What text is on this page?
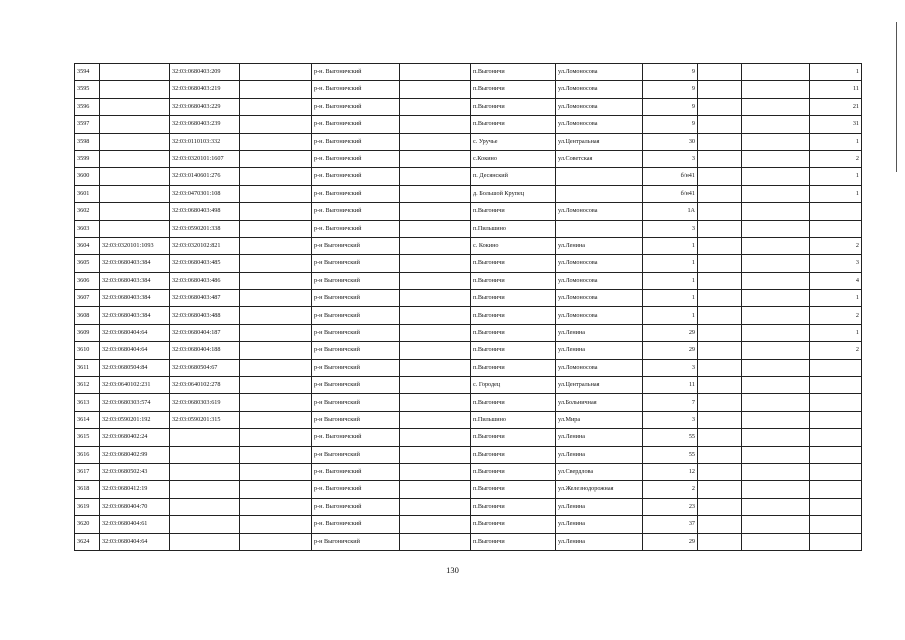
3594		32:03:0680403:209		р-н. Выгоничский		п.Выгоничи	ул.Ломоносова	9			1
3595		32:03:0680403:219		р-н. Выгоничский		п.Выгоничи	ул.Ломоносова	9			11
3596		32:03:0680403:229		р-н. Выгоничский		п.Выгоничи	ул.Ломоносова	9			21
3597		32:03:0680403:239		р-н. Выгоничский		п.Выгоничи	ул.Ломоносова	9			31
3598		32:03:0110103:332		р-н. Выгоничский		с. Уручье	ул.Центральная	30			1
3599		32:03:0320101:1607		р-н. Выгоничский		с.Кокино	ул.Советская	3			2
3600		32:03:0140601:276		р-н. Выгоничский		п. Десянский		б/н41			1
3601		32:03:0470301:108		р-н. Выгоничский		д. Большой Крупец		б/н41			1
3602		32:03:0680403:498		р-н. Выгоничский		п.Выгоничи	ул.Ломоносова	1А			
3603		32:03:0590201:338		р-н. Выгоничский		п.Пильшино		3			
3604	32:03:0320101:1093	32:03:0320102:821		р-н Выгоничский		с. Кокино	ул.Ленина	1			2
3605	32:03:0680403:384	32:03:0680403:485		р-н Выгоничский		п.Выгоничи	ул.Ломоносова	1			3
3606	32:03:0680403:384	32:03:0680403:486		р-н Выгоничский		п.Выгоничи	ул.Ломоносова	1			4
3607	32:03:0680403:384	32:03:0680403:487		р-н Выгоничский		п.Выгоничи	ул.Ломоносова	1			1
3608	32:03:0680403:384	32:03:0680403:488		р-н Выгоничский		п.Выгоничи	ул.Ломоносова	1			2
3609	32:03:0680404:64	32:03:0680404:187		р-н Выгоничский		п.Выгоничи	ул.Ленина	29			1
3610	32:03:0680404:64	32:03:0680404:188		р-н Выгоничский		п.Выгоничи	ул.Ленина	29			2
3611	32:03:0680504:84	32:03:0680504:67		р-н Выгоничский		п.Выгоничи	ул.Ломоносова	3			
3612	32:03:0640102:231	32:03:0640102:278		р-н Выгоничский		с. Городец	ул.Центральная	11			
3613	32:03:0680303:574	32:03:0680303:619		р-н Выгоничский		п.Выгоничи	ул.Больничная	7			
3614	32:03:0590201:192	32:03:0590201:315		р-н Выгоничский		п.Пильшино	ул.Мира	3			
3615	32:03:0680402:24			р-н. Выгоничский		п.Выгоничи	ул.Ленина	55			
3616	32:03:0680402:99			р-н Выгоничский		п.Выгоничи	ул.Ленина	55			
3617	32:03:0680502:43			р-н. Выгоничский		п.Выгоничи	ул.Свердлова	12			
3618	32:03:0680412:19			р-н. Выгоничский		п.Выгоничи	ул.Железнодорожная	2			
3619	32:03:0680404:70			р-н. Выгоничский		п.Выгоничи	ул.Ленина	23			
3620	32:03:0680404:61			р-н. Выгоничский		п.Выгоничи	ул.Ленина	37			
3624	32:03:0680404:64			р-н Выгоничский		п.Выгоничи	ул.Ленина	29			
130
